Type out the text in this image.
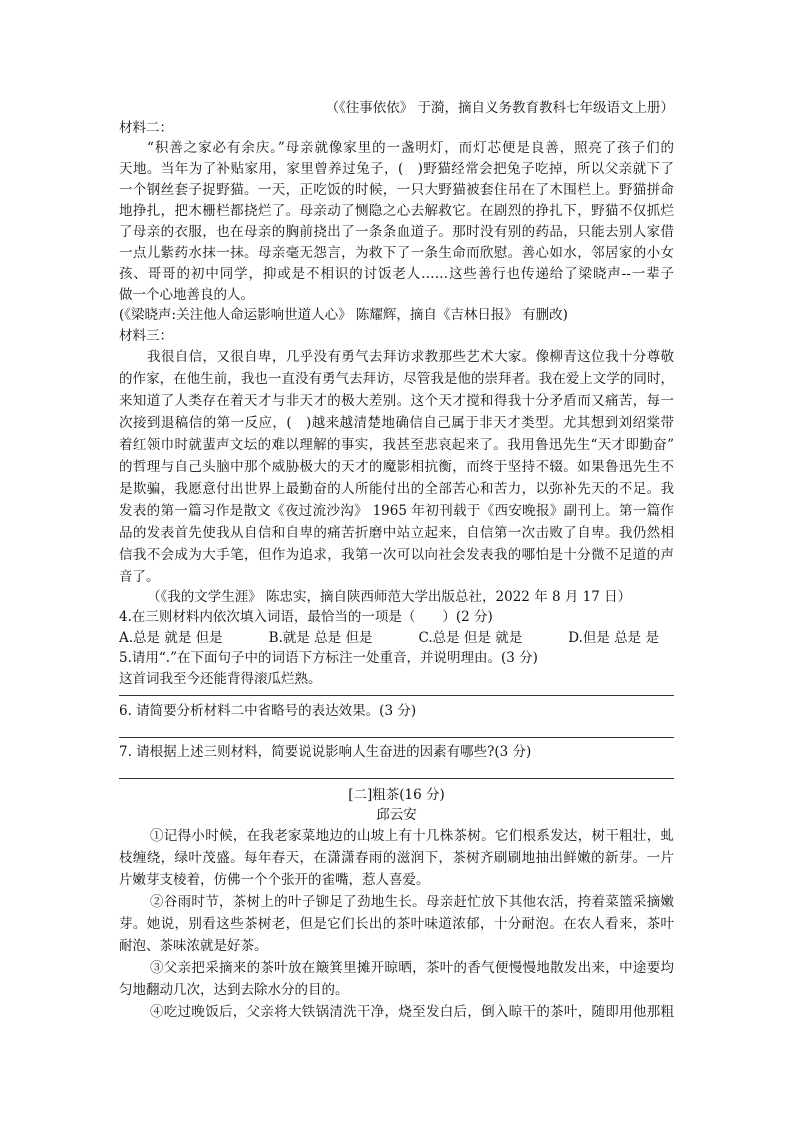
（《往事依依》 于漪，摘自义务教育教科七年级语文上册）
材料二：
“积善之家必有余庆。”母亲就像家里的一盏明灯，而灯芯便是良善，照亮了孩子们的
天地。当年为了补贴家用，家里曾养过兔子，(　)野猫经常会把兔子吃掉，所以父亲就下了
一个钢丝套子捉野猫。一天，正吃饭的时候，一只大野猫被套住吊在了木围栏上。野猫拼命
地挣扎，把木栅栏都挠烂了。母亲动了恻隐之心去解救它。在剧烈的挣扎下，野猫不仅抓烂
了母亲的衣服，也在母亲的胸前挠出了一条条血道子。那时没有别的药品，只能去别人家借
一点儿紫药水抹一抹。母亲毫无怨言，为救下了一条生命而欣慰。善心如水，邻居家的小女
孩、哥哥的初中同学，抑或是不相识的讨饭老人……这些善行也传递给了梁晓声--一辈子
做一个心地善良的人。
(《梁晓声:关注他人命运影响世道人心》 陈耀辉，摘自《吉林日报》 有删改)
材料三：
我很自信，又很自卑，几乎没有勇气去拜访求教那些艺术大家。像柳青这位我十分尊敬
的作家，在他生前，我也一直没有勇气去拜访，尽管我是他的崇拜者。我在爱上文学的同时，
来知道了人类存在着天才与非天才的极大差别。这个天才搅和得我十分矛盾而又痛苦，每一
次接到退稿信的第一反应，(　)越来越清楚地确信自己属于非天才类型。尤其想到刘绍棠带
着红领巾时就蜚声文坛的难以理解的事实，我甚至悲哀起来了。我用鲁迅先生“天才即勤奋”
的哲理与自己头脑中那个威胁极大的天才的魔影相抗衡，而终于坚持不辍。如果鲁迅先生不
是欺骗，我愿意付出世界上最勤奋的人所能付出的全部苦心和苦力，以弥补先天的不足。我
发表的第一篇习作是散文《夜过流沙沟》 1965 年初刊载于《西安晚报》副刊上。第一篇作
品的发表首先使我从自信和自卑的痛苦折磨中站立起来，自信第一次击败了自卑。我仍然相
信我不会成为大手笔，但作为追求，我第一次可以向社会发表我的哪怕是十分微不足道的声
音了。
（《我的文学生涯》 陈忠实，摘自陕西师范大学出版总社，2022 年 8 月 17 日）
4.在三则材料内依次填入词语，最恰当的一项是（　　）(2 分)
A.总是 就是 但是	B.就是 总是 但是	C.总是 但是 就是	D.但是 总是 是
5.请用“.”在下面句子中的词语下方标注一处重音，并说明理由。(3 分)
这首词我至今还能背得滚瓜烂熟。
6. 请简要分析材料二中省略号的表达效果。(3 分)
7. 请根据上述三则材料，简要说说影响人生奋进的因素有哪些?(3 分)
[二]粗茶(16 分)
邱云安
①记得小时候，在我老家菜地边的山坡上有十几株茶树。它们根系发达，树干粗壮，虬
枝缠绕，绿叶茂盛。每年春天，在潇潇春雨的滋润下，茶树齐刷刷地抽出鲜嫩的新芽。一片
片嫩芽支棱着，仿佛一个个张开的雀嘴，惹人喜爱。
②谷雨时节，茶树上的叶子铆足了劲地生长。母亲赶忙放下其他农活，挎着菜篮采摘嫩
芽。她说，别看这些茶树老，但是它们长出的茶叶味道浓郁，十分耐泡。在农人看来，茶叶
耐泡、茶味浓就是好茶。
③父亲把采摘来的茶叶放在簸箕里摊开晾晒，茶叶的香气便慢慢地散发出来，中途要均
匀地翻动几次，达到去除水分的目的。
④吃过晚饭后，父亲将大铁锅清洗干净，烧至发白后，倒入晾干的茶叶，随即用他那粗
